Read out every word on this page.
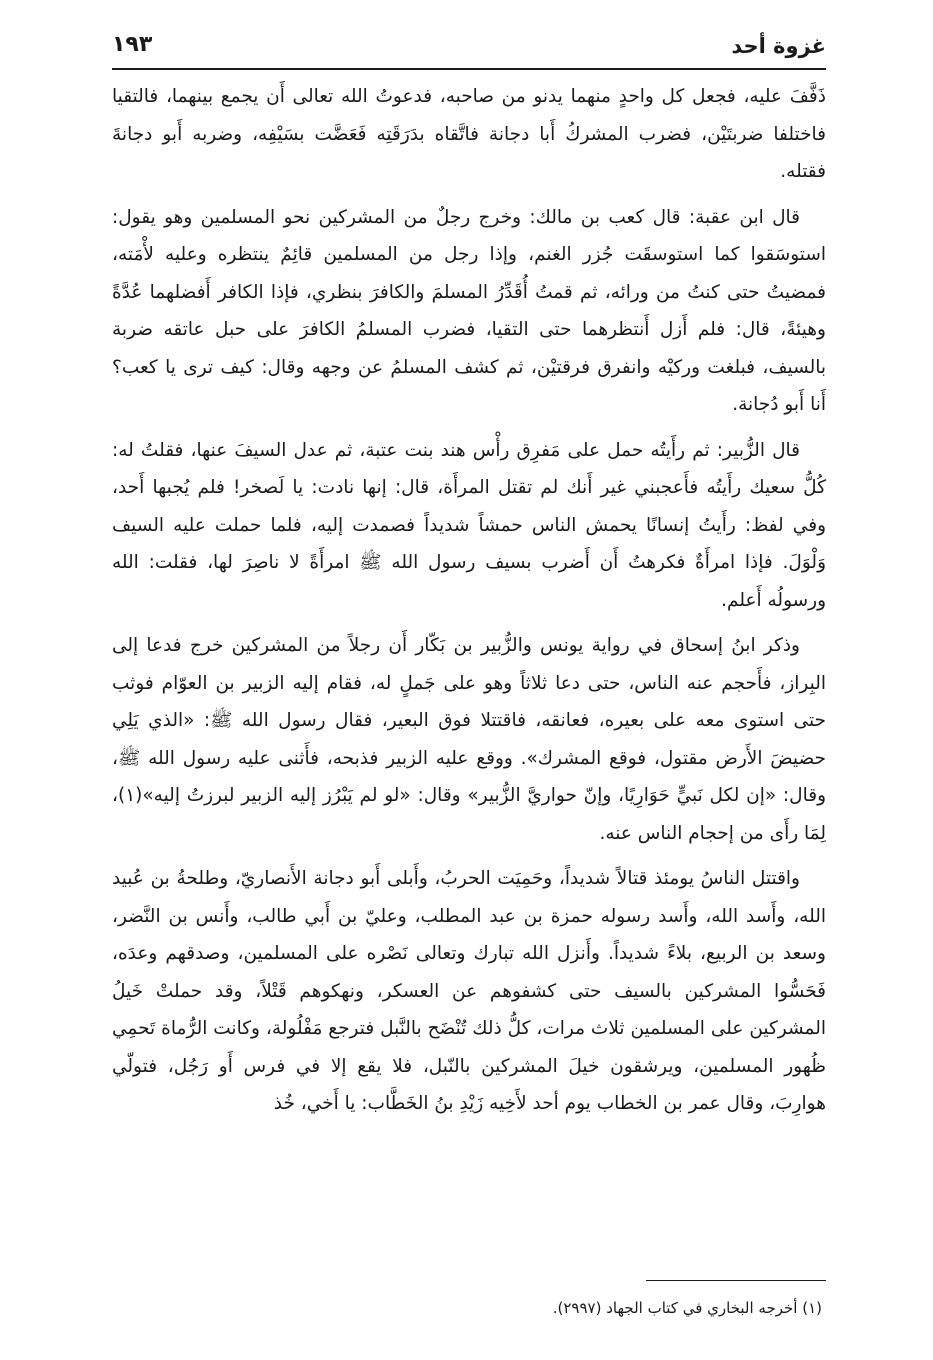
غزوة أحد
١٩٣

ذَفَّفَ عليه، فجعل كل واحدٍ منهما يدنو من صاحبه، فدعوتُ الله تعالى أَن يجمع بينهما، فالتقيا فاختلفا ضربتَيْن، فضرب المشركُ أَبا دجانة فاتَّقاه بدَرَقَتِه فَعَضَّت بسَيْفِه، وضربه أَبو دجانةَ فقتله.

قال ابن عقبة: قال كعب بن مالك: وخرج رجلٌ من المشركين نحو المسلمين وهو يقول: استوسَقوا كما استوسقَت جُزر الغنم، وإذا رجل من المسلمين قائِمٌ ينتظره وعليه لأْمَته، فمضيتُ حتى كنتُ من ورائه، ثم قمتُ أُقَدِّرُ المسلمَ والكافرَ بنظري، فإذا الكافر أَفضلهما عُدَّةً وهيئةً، قال: فلم أَزل أَنتظرهما حتى التقيا، فضرب المسلمُ الكافرَ على حبل عاتقه ضربة بالسيف، فبلغت وركيْه وانفرق فرقتيْن، ثم كشف المسلمُ عن وجهه وقال: كيف ترى يا كعب؟ أَنا أَبو دُجانة.

قال الزُّبير: ثم رأَيتُه حمل على مَفرِق رأْس هند بنت عتبة، ثم عدل السيفَ عنها، فقلتُ له: كُلُّ سعيك رأَيتُه فأَعجبني غير أَنك لم تقتل المرأَة، قال: إنها نادت: يا لَصخر! فلم يُجبها أَحد، وفي لفظ: رأَيتُ إنسانًا يحمش الناس حمشاً شديداً فصمدت إليه، فلما حملت عليه السيف وَلْوَلَ. فإذا امرأَةٌ فكرهتُ أَن أَضرب بسيف رسول الله ﷺ امرأَةً لا ناصِرَ لها، فقلت: الله ورسولُه أَعلم.

وذكر ابنُ إسحاق في رواية يونس والزُّبير بن بَكّار أَن رجلاً من المشركين خرج فدعا إلى البِراز، فأَحجم عنه الناس، حتى دعا ثلاثاً وهو على جَملٍ له، فقام إليه الزبير بن العوّام فوثب حتى استوى معه على بعيره، فعانقه، فاقتتلا فوق البعير، فقال رسول الله ﷺ: «الذي يَلِي حضيضَ الأَرض مقتول، فوقع المشرك». ووقع عليه الزبير فذبحه، فأَثنى عليه رسول الله ﷺ، وقال: «إن لكل نَبيٍّ حَوَارِيًا، وإنّ حواريَّ الزُّبير» وقال: «لو لم يَبْرُز إليه الزبير لبرزتُ إليه»(١)، لِمَا رأَى من إحجام الناس عنه.

واقتتل الناسُ يومئذ قتالاً شديداً، وحَمِيَت الحربُ، وأَبلى أَبو دجانة الأَنصاريّ، وطلحةُ بن عُبيد الله، وأَسد الله، وأَسد رسوله حمزة بن عبد المطلب، وعليّ بن أَبي طالب، وأَنس بن النَّضر، وسعد بن الربيع، بلاءً شديداً. وأَنزل الله تبارك وتعالى نَصْره على المسلمين، وصدقهم وعدَه، فَحَسُّوا المشركين بالسيف حتى كشفوهم عن العسكر، ونهكوهم قَتْلاً، وقد حملتْ خَيلُ المشركين على المسلمين ثلاث مرات، كلُّ ذلك تُنْضَح بالنَّبل فترجع مَفْلُولة، وكانت الرُّماة تَحمِي ظُهور المسلمين، ويرشقون خيلَ المشركين بالنّبل، فلا يقع إلا في فرس أَو رَجُل، فتولّي هوارِبَ، وقال عمر بن الخطاب يوم أحد لأَخِيه زَيْدِ بنُ الخَطَّاب: يا أَخي، خُذ

(١) أخرجه البخاري في كتاب الجهاد (٢٩٩٧).
